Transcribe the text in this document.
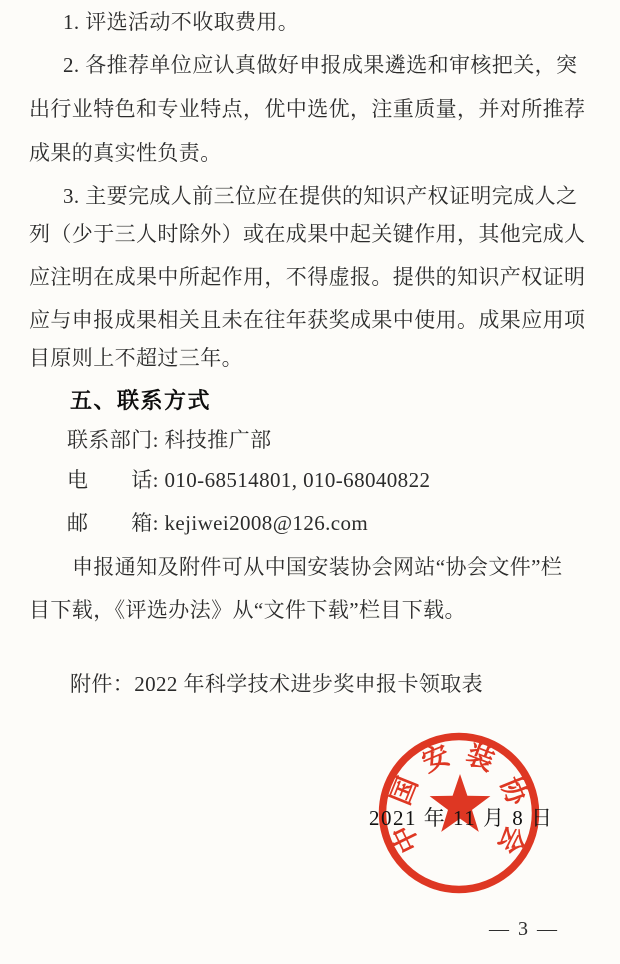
1. 评选活动不收取费用。
2. 各推荐单位应认真做好申报成果遴选和审核把关，突
出行业特色和专业特点，优中选优，注重质量，并对所推荐
成果的真实性负责。
3. 主要完成人前三位应在提供的知识产权证明完成人之
列（少于三人时除外）或在成果中起关键作用，其他完成人
应注明在成果中所起作用，不得虚报。提供的知识产权证明
应与申报成果相关且未在往年获奖成果中使用。成果应用项
目原则上不超过三年。
五、联系方式
联系部门: 科技推广部
电　　话: 010-68514801, 010-68040822
邮　　箱: kejiwei2008@126.com
申报通知及附件可从中国安装协会网站“协会文件”栏
目下载，《评选办法》从“文件下载”栏目下载。
附件：2022 年科学技术进步奖申报卡领取表
中
国
安 装
协
会
2021 年 11 月 8 日
— 3 —
